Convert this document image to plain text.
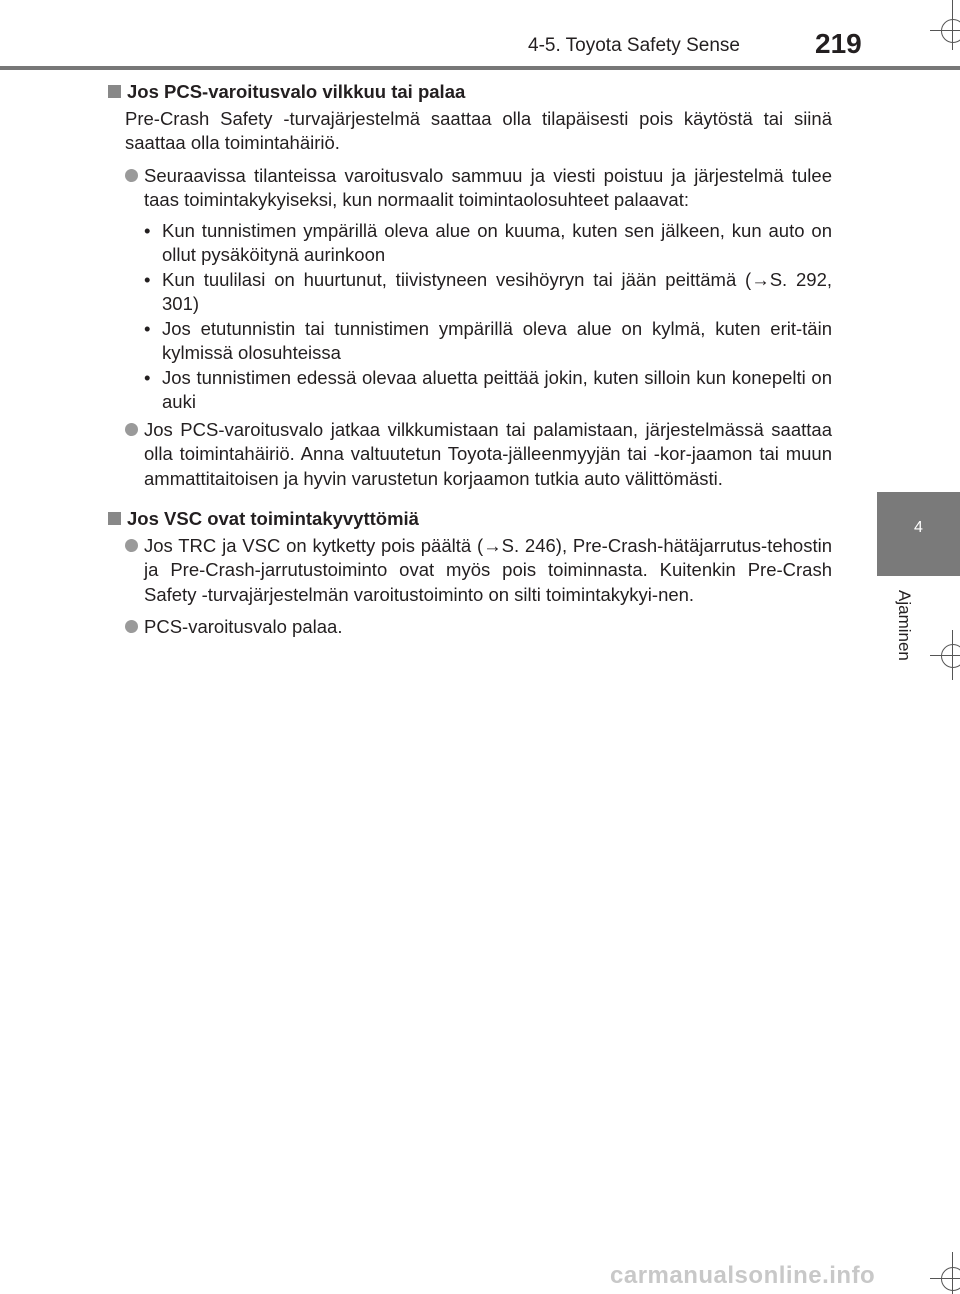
4-5. Toyota Safety Sense	219
4
Ajaminen
Jos PCS-varoitusvalo vilkkuu tai palaa
Pre-Crash Safety -turvajärjestelmä saattaa olla tilapäisesti pois käytöstä tai siinä saattaa olla toimintahäiriö.
Seuraavissa tilanteissa varoitusvalo sammuu ja viesti poistuu ja järjestelmä tulee taas toimintakykyiseksi, kun normaalit toimintaolosuhteet palaavat:
• Kun tunnistimen ympärillä oleva alue on kuuma, kuten sen jälkeen, kun auto on ollut pysäköitynä aurinkoon
• Kun tuulilasi on huurtunut, tiivistyneen vesihöyryn tai jään peittämä (→S. 292, 301)
• Jos etutunnistin tai tunnistimen ympärillä oleva alue on kylmä, kuten erit-täin kylmissä olosuhteissa
• Jos tunnistimen edessä olevaa aluetta peittää jokin, kuten silloin kun konepelti on auki
Jos PCS-varoitusvalo jatkaa vilkkumistaan tai palamistaan, järjestelmässä saattaa olla toimintahäiriö. Anna valtuutetun Toyota-jälleenmyyjän tai -kor-jaamon tai muun ammattitaitoisen ja hyvin varustetun korjaamon tutkia auto välittömästi.
Jos VSC ovat toimintakyvyttömiä
Jos TRC ja VSC on kytketty pois päältä (→S. 246), Pre-Crash-hätäjarrutus-tehostin ja Pre-Crash-jarrutustoiminto ovat myös pois toiminnasta. Kuitenkin Pre-Crash Safety -turvajärjestelmän varoitustoiminto on silti toimintakykyi-nen.
PCS-varoitusvalo palaa.
carmanualsonline.info
